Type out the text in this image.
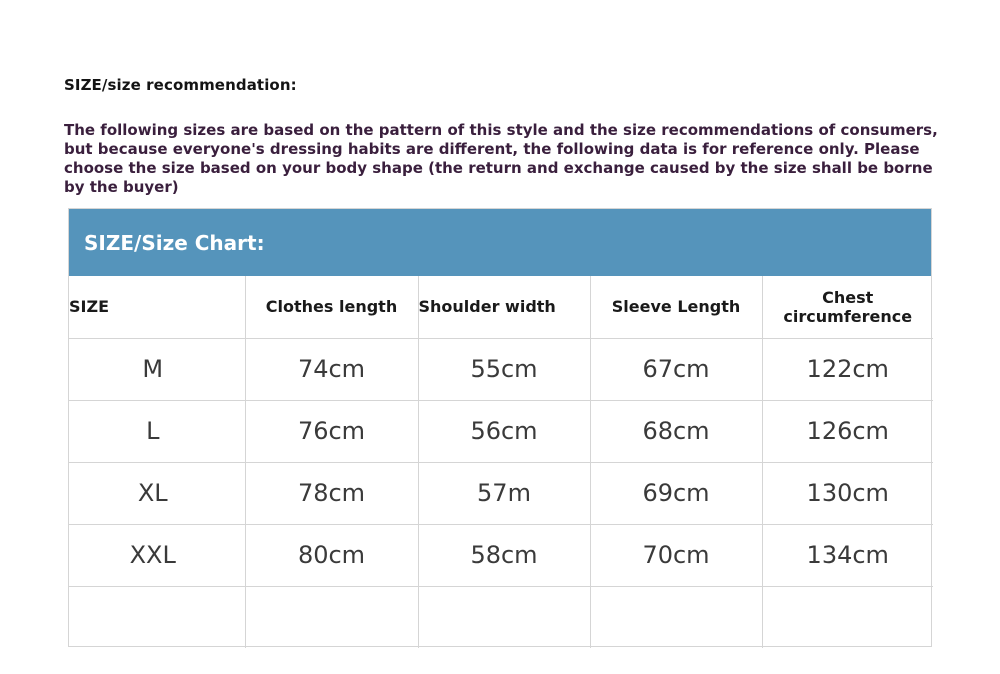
SIZE/size recommendation:
The following sizes are based on the pattern of this style and the size recommendations of consumers, but because everyone's dressing habits are different, the following data is for reference only. Please choose the size based on your body shape (the return and exchange caused by the size shall be borne by the buyer)
SIZE/Size Chart:
SIZE	Clothes length	Shoulder width	Sleeve Length	Chest circumference
M	74cm	55cm	67cm	122cm
L	76cm	56cm	68cm	126cm
XL	78cm	57m	69cm	130cm
XXL	80cm	58cm	70cm	134cm
